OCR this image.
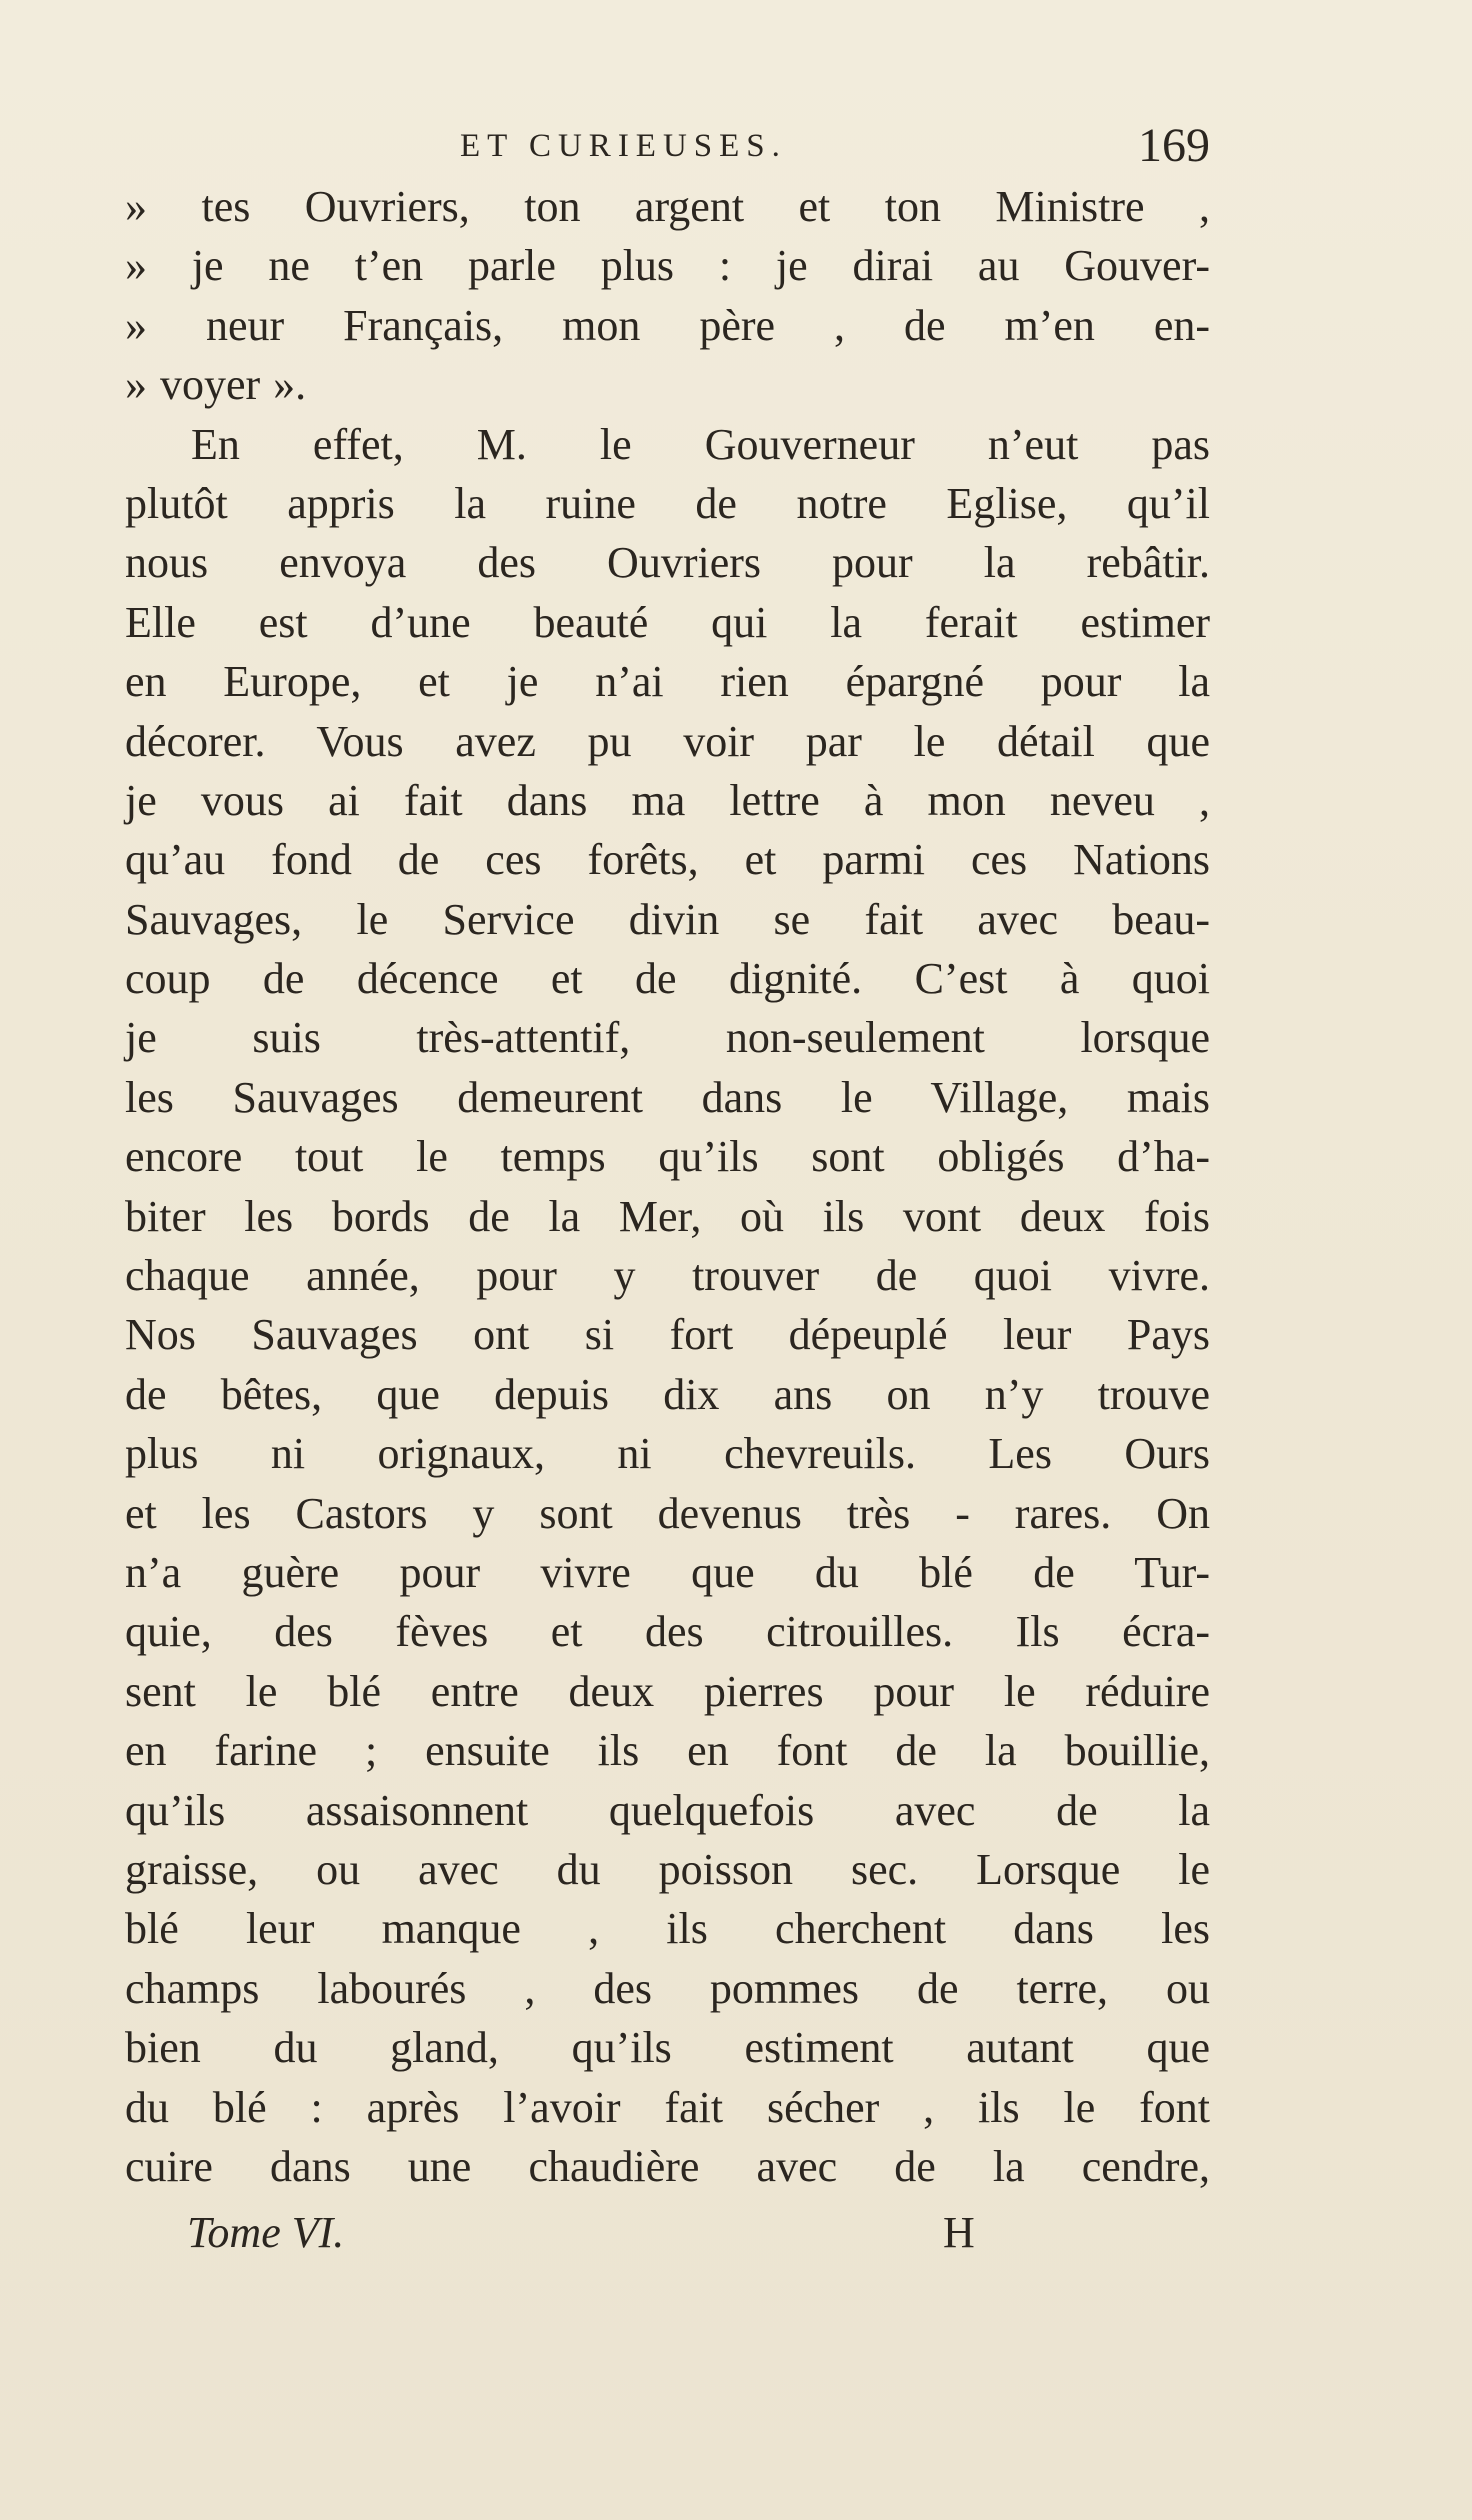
ET CURIEUSES.	169
» tes Ouvriers, ton argent et ton Ministre ,
» je ne t’en parle plus : je dirai au Gouver-
» neur Français, mon père , de m’en en-
» voyer ».
En effet, M. le Gouverneur n’eut pas
plutôt appris la ruine de notre Eglise, qu’il
nous envoya des Ouvriers pour la rebâtir.
Elle est d’une beauté qui la ferait estimer
en Europe, et je n’ai rien épargné pour la
décorer. Vous avez pu voir par le détail que
je vous ai fait dans ma lettre à mon neveu ,
qu’au fond de ces forêts, et parmi ces Nations
Sauvages, le Service divin se fait avec beau-
coup de décence et de dignité. C’est à quoi
je suis très-attentif, non-seulement lorsque
les Sauvages demeurent dans le Village, mais
encore tout le temps qu’ils sont obligés d’ha-
biter les bords de la Mer, où ils vont deux fois
chaque année, pour y trouver de quoi vivre.
Nos Sauvages ont si fort dépeuplé leur Pays
de bêtes, que depuis dix ans on n’y trouve
plus ni orignaux, ni chevreuils. Les Ours
et les Castors y sont devenus très - rares. On
n’a guère pour vivre que du blé de Tur-
quie, des fèves et des citrouilles. Ils écra-
sent le blé entre deux pierres pour le réduire
en farine ; ensuite ils en font de la bouillie,
qu’ils assaisonnent quelquefois avec de la
graisse, ou avec du poisson sec. Lorsque le
blé leur manque , ils cherchent dans les
champs labourés , des pommes de terre, ou
bien du gland, qu’ils estiment autant que
du blé : après l’avoir fait sécher , ils le font
cuire dans une chaudière avec de la cendre,
Tome VI.	H
